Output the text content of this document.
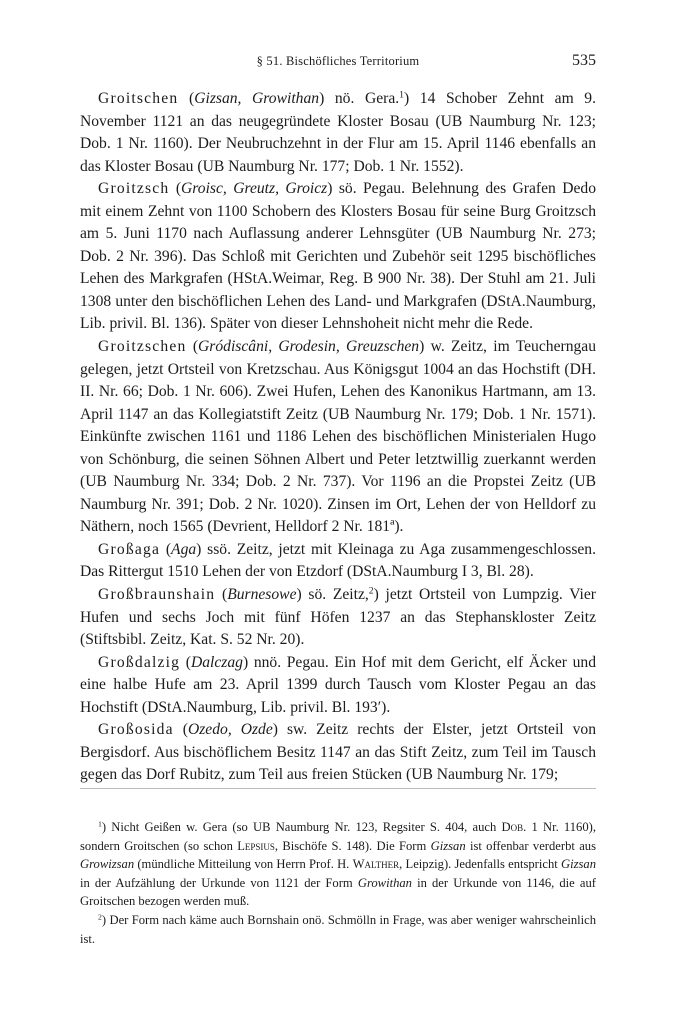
§ 51. Bischöfliches Territorium	535

Groitschen (Gizsan, Growithan) nö. Gera.$^1$) 14 Schober Zehnt am 9. November 1121 an das neugegründete Kloster Bosau (UB Naumburg Nr. 123; Dob. 1 Nr. 1160). Der Neubruchzehnt in der Flur am 15. April 1146 ebenfalls an das Kloster Bosau (UB Naumburg Nr. 177; Dob. 1 Nr. 1552).

Groitzsch (Groisc, Greutz, Groicz) sö. Pegau. Belehnung des Grafen Dedo mit einem Zehnt von 1100 Schobern des Klosters Bosau für seine Burg Groitzsch am 5. Juni 1170 nach Auflassung anderer Lehnsgüter (UB Naumburg Nr. 273; Dob. 2 Nr. 396). Das Schloß mit Gerichten und Zubehör seit 1295 bischöfliches Lehen des Markgrafen (HStA.Weimar, Reg. B 900 Nr. 38). Der Stuhl am 21. Juli 1308 unter den bischöflichen Lehen des Land- und Markgrafen (DStA.Naumburg, Lib. privil. Bl. 136). Später von dieser Lehnshoheit nicht mehr die Rede.

Groitzschen (Gródiscâni, Grodesin, Greuzschen) w. Zeitz, im Teucherngau gelegen, jetzt Ortsteil von Kretzschau. Aus Königsgut 1004 an das Hochstift (DH. II. Nr. 66; Dob. 1 Nr. 606). Zwei Hufen, Lehen des Kanonikus Hartmann, am 13. April 1147 an das Kollegiatstift Zeitz (UB Naumburg Nr. 179; Dob. 1 Nr. 1571). Einkünfte zwischen 1161 und 1186 Lehen des bischöflichen Ministerialen Hugo von Schönburg, die seinen Söhnen Albert und Peter letztwillig zuerkannt werden (UB Naumburg Nr. 334; Dob. 2 Nr. 737). Vor 1196 an die Propstei Zeitz (UB Naumburg Nr. 391; Dob. 2 Nr. 1020). Zinsen im Ort, Lehen der von Helldorf zu Näthern, noch 1565 (Devrient, Helldorf 2 Nr. 181ª).

Großaga (Aga) ssö. Zeitz, jetzt mit Kleinaga zu Aga zusammengeschlossen. Das Rittergut 1510 Lehen der von Etzdorf (DStA.Naumburg I 3, Bl. 28).

Großbraunshain (Burnesowe) sö. Zeitz,$^2$) jetzt Ortsteil von Lumpzig. Vier Hufen und sechs Joch mit fünf Höfen 1237 an das Stephanskloster Zeitz (Stiftsbibl. Zeitz, Kat. S. 52 Nr. 20).

Großdalzig (Dalczag) nnö. Pegau. Ein Hof mit dem Gericht, elf Äcker und eine halbe Hufe am 23. April 1399 durch Tausch vom Kloster Pegau an das Hochstift (DStA.Naumburg, Lib. privil. Bl. 193′).

Großosida (Ozedo, Ozde) sw. Zeitz rechts der Elster, jetzt Ortsteil von Bergisdorf. Aus bischöflichem Besitz 1147 an das Stift Zeitz, zum Teil im Tausch gegen das Dorf Rubitz, zum Teil aus freien Stücken (UB Naumburg Nr. 179;

$^1$) Nicht Geißen w. Gera (so UB Naumburg Nr. 123, Regsiter S. 404, auch Dob. 1 Nr. 1160), sondern Groitschen (so schon Lepsius, Bischöfe S. 148). Die Form Gizsan ist offenbar verderbt aus Growizsan (mündliche Mitteilung von Herrn Prof. H. Walther, Leipzig). Jedenfalls entspricht Gizsan in der Aufzählung der Urkunde von 1121 der Form Growithan in der Urkunde von 1146, die auf Groitschen bezogen werden muß.

$^2$) Der Form nach käme auch Bornshain onö. Schmölln in Frage, was aber weniger wahrscheinlich ist.
